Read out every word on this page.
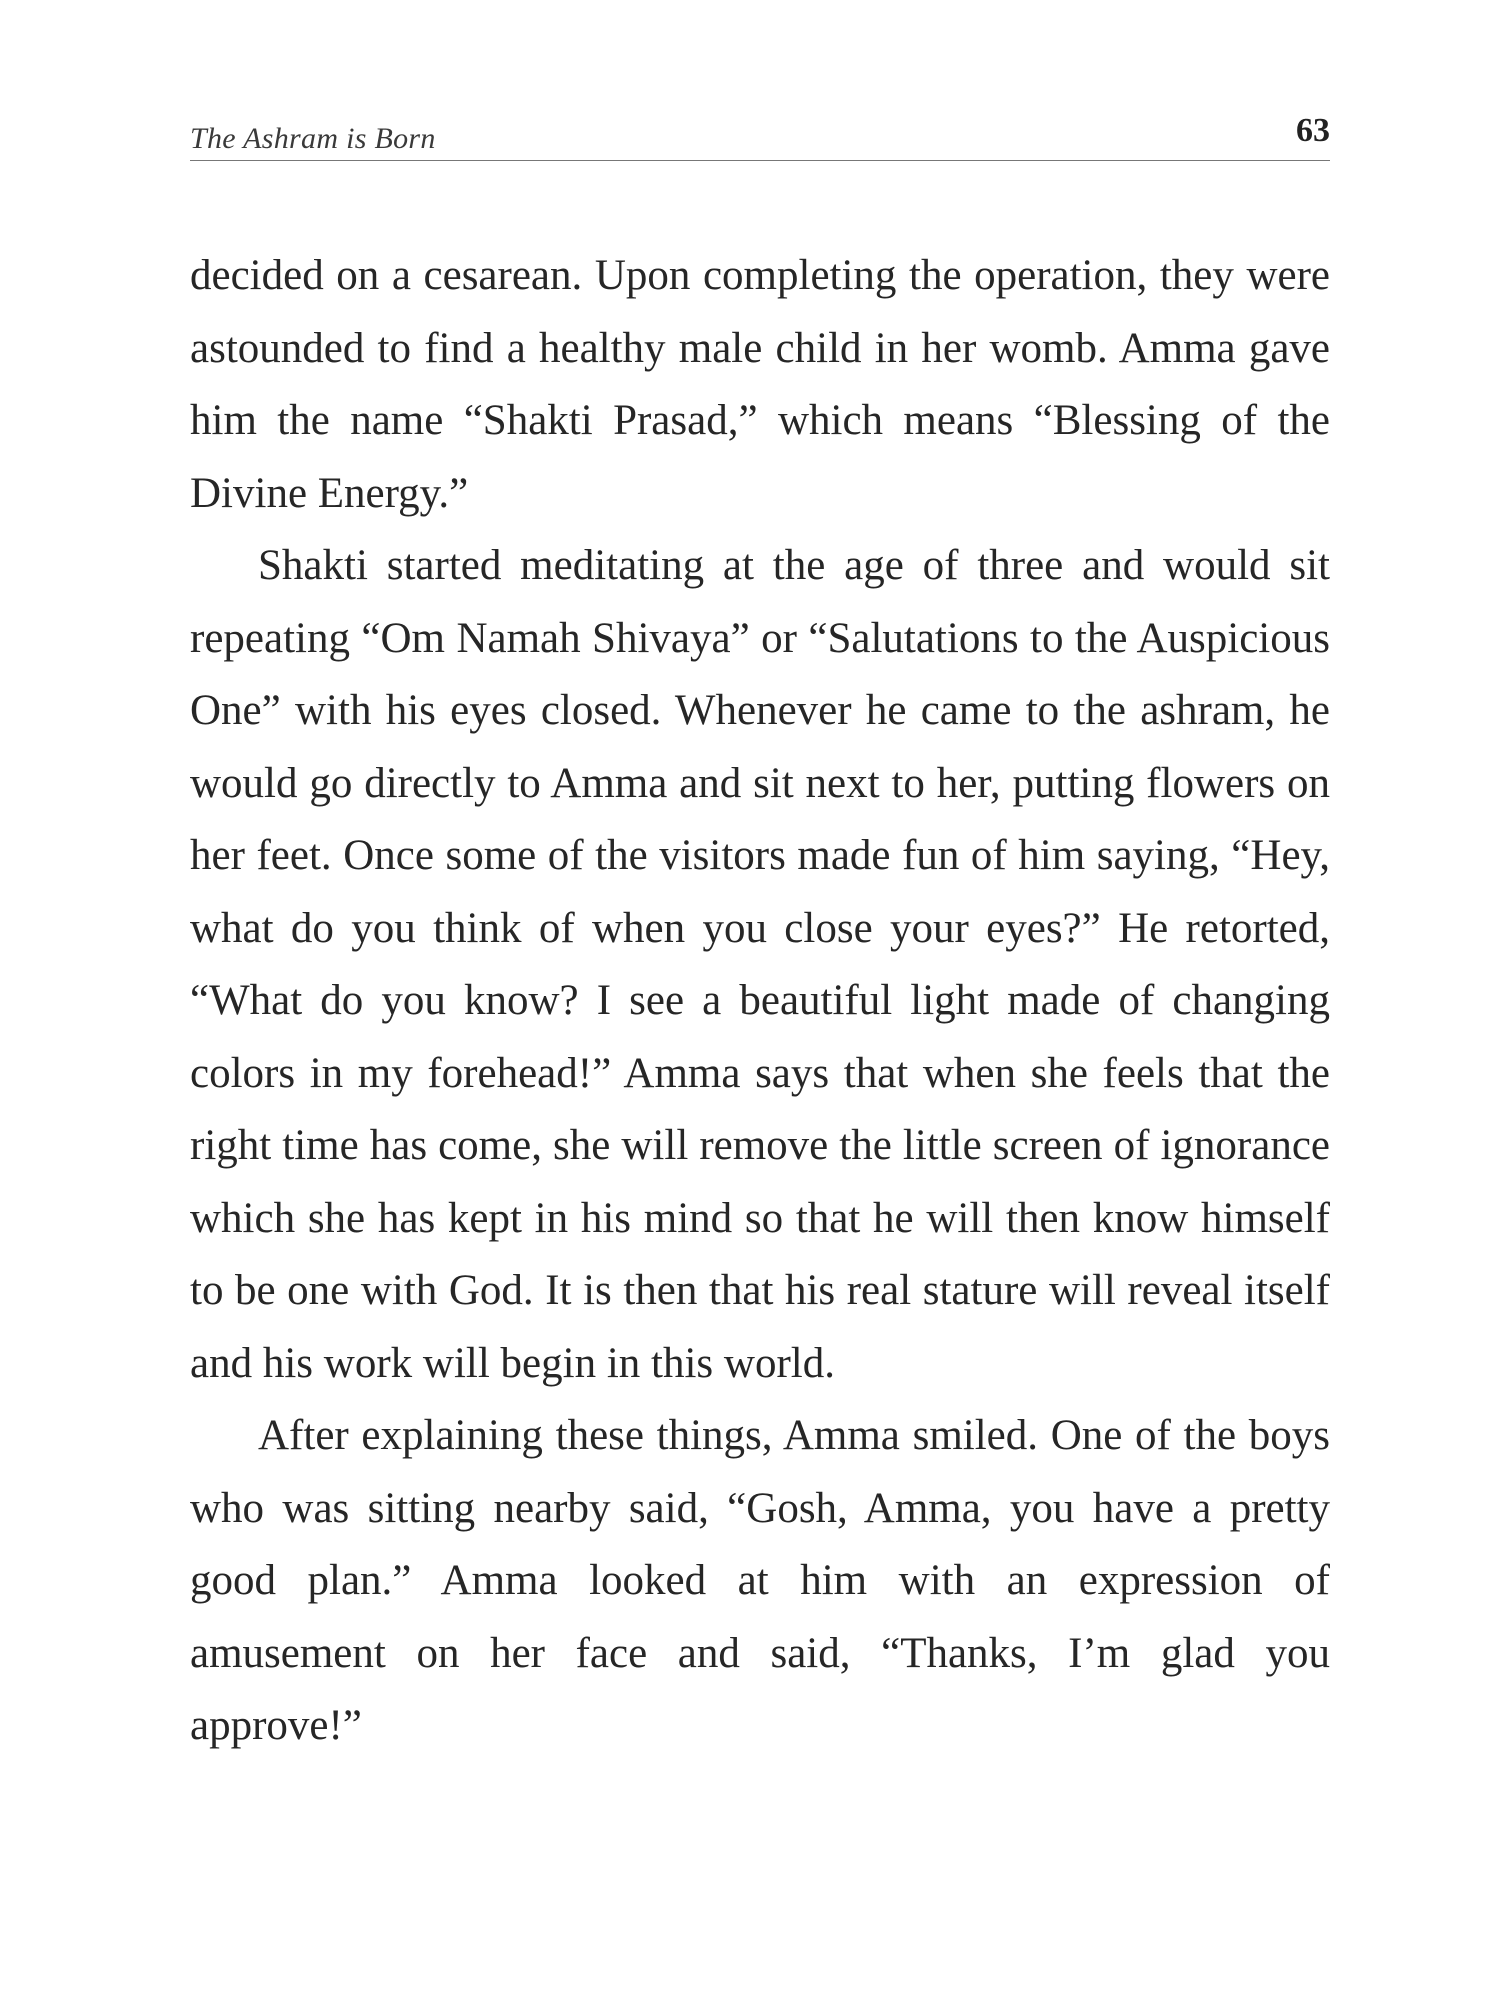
The Ashram is Born	63

decided on a cesarean. Upon completing the operation, they were astounded to find a healthy male child in her womb. Amma gave him the name “Shakti Prasad,” which means “Blessing of the Divine Energy.”

Shakti started meditating at the age of three and would sit repeating “Om Namah Shivaya” or “Salutations to the Auspicious One” with his eyes closed. Whenever he came to the ashram, he would go directly to Amma and sit next to her, putting flowers on her feet. Once some of the visitors made fun of him saying, “Hey, what do you think of when you close your eyes?” He retorted, “What do you know? I see a beautiful light made of changing colors in my forehead!” Amma says that when she feels that the right time has come, she will remove the little screen of ignorance which she has kept in his mind so that he will then know himself to be one with God. It is then that his real stature will reveal itself and his work will begin in this world.

After explaining these things, Amma smiled. One of the boys who was sitting nearby said, “Gosh, Amma, you have a pretty good plan.” Amma looked at him with an expression of amusement on her face and said, “Thanks, I’m glad you approve!”
